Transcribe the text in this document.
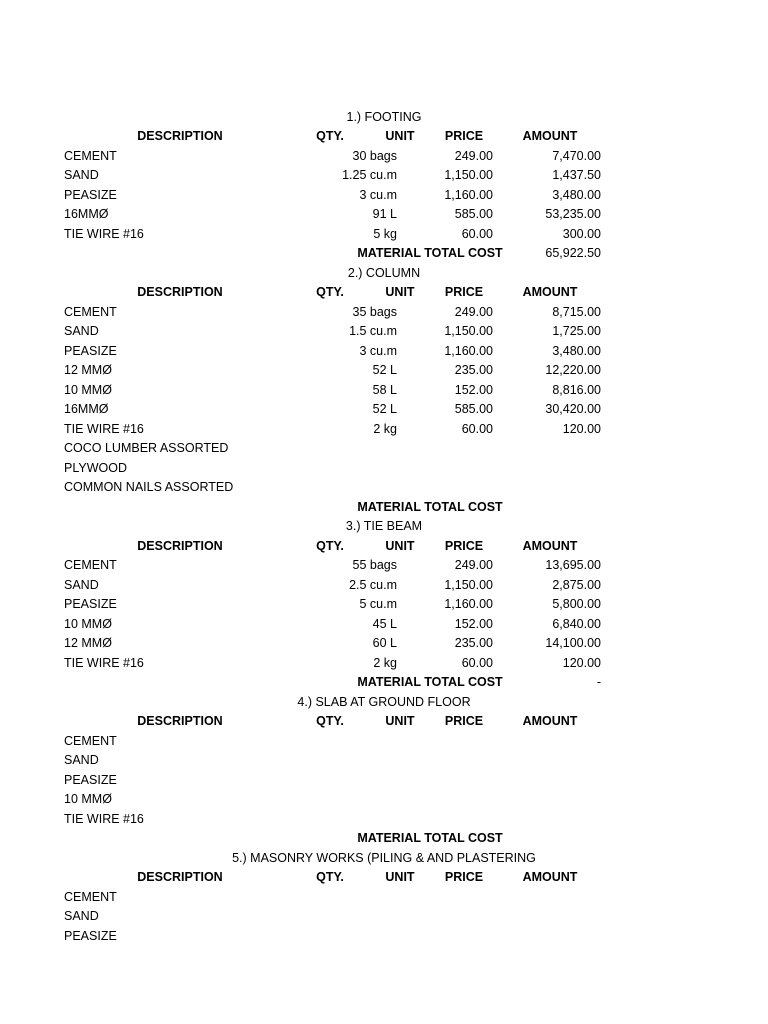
1.) FOOTING
DESCRIPTION	QTY.	UNIT	PRICE	AMOUNT
CEMENT	30 bags	249.00	7,470.00
SAND	1.25 cu.m	1,150.00	1,437.50
PEASIZE	3 cu.m	1,160.00	3,480.00
16MMØ	91 L	585.00	53,235.00
TIE WIRE #16	5 kg	60.00	300.00
MATERIAL TOTAL COST	65,922.50
2.) COLUMN
DESCRIPTION	QTY.	UNIT	PRICE	AMOUNT
CEMENT	35 bags	249.00	8,715.00
SAND	1.5 cu.m	1,150.00	1,725.00
PEASIZE	3 cu.m	1,160.00	3,480.00
12 MMØ	52 L	235.00	12,220.00
10 MMØ	58 L	152.00	8,816.00
16MMØ	52 L	585.00	30,420.00
TIE WIRE #16	2 kg	60.00	120.00
COCO LUMBER ASSORTED
PLYWOOD
COMMON NAILS ASSORTED
MATERIAL TOTAL COST
3.) TIE BEAM
DESCRIPTION	QTY.	UNIT	PRICE	AMOUNT
CEMENT	55 bags	249.00	13,695.00
SAND	2.5 cu.m	1,150.00	2,875.00
PEASIZE	5 cu.m	1,160.00	5,800.00
10 MMØ	45 L	152.00	6,840.00
12 MMØ	60 L	235.00	14,100.00
TIE WIRE #16	2 kg	60.00	120.00
MATERIAL TOTAL COST	-
4.) SLAB AT GROUND FLOOR
DESCRIPTION	QTY.	UNIT	PRICE	AMOUNT
CEMENT
SAND
PEASIZE
10 MMØ
TIE WIRE #16
MATERIAL TOTAL COST
5.) MASONRY WORKS (PILING & AND PLASTERING
DESCRIPTION	QTY.	UNIT	PRICE	AMOUNT
CEMENT
SAND
PEASIZE
